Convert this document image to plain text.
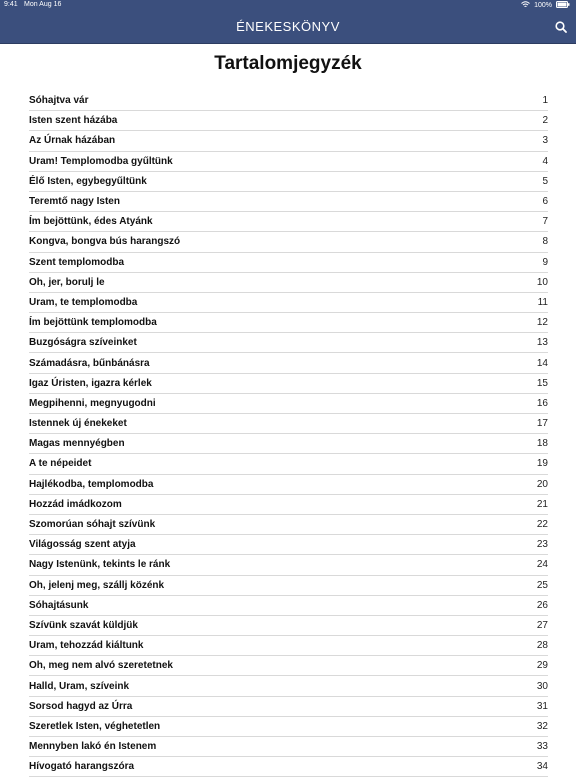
9:41 Mon Aug 16	100%
ÉNEKESKÖNYV
Tartalomjegyzék
Sóhajtva vár	1
Isten szent házába	2
Az Úrnak házában	3
Uram! Templomodba gyűltünk	4
Élő Isten, egybegyűltünk	5
Teremtő nagy Isten	6
Ím bejöttünk, édes Atyánk	7
Kongva, bongva bús harangszó	8
Szent templomodba	9
Oh, jer, borulj le	10
Uram, te templomodba	11
Ím bejöttünk templomodba	12
Buzgóságra szíveinket	13
Számadásra, bűnbánásra	14
Igaz Úristen, igazra kérlek	15
Megpihenni, megnyugodni	16
Istennek új énekeket	17
Magas mennyégben	18
A te népeidet	19
Hajlékodba, templomodba	20
Hozzád imádkozom	21
Szomorúan sóhajt szívünk	22
Világosság szent atyja	23
Nagy Istenünk, tekints le ránk	24
Oh, jelenj meg, szállj közénk	25
Sóhajtásunk	26
Szívünk szavát küldjük	27
Uram, tehozzád kiáltunk	28
Oh, meg nem alvó szeretetnek	29
Halld, Uram, szíveink	30
Sorsod hagyd az Úrra	31
Szeretlek Isten, véghetetlen	32
Mennyben lakó én Istenem	33
Hívogató harangszóra	34
